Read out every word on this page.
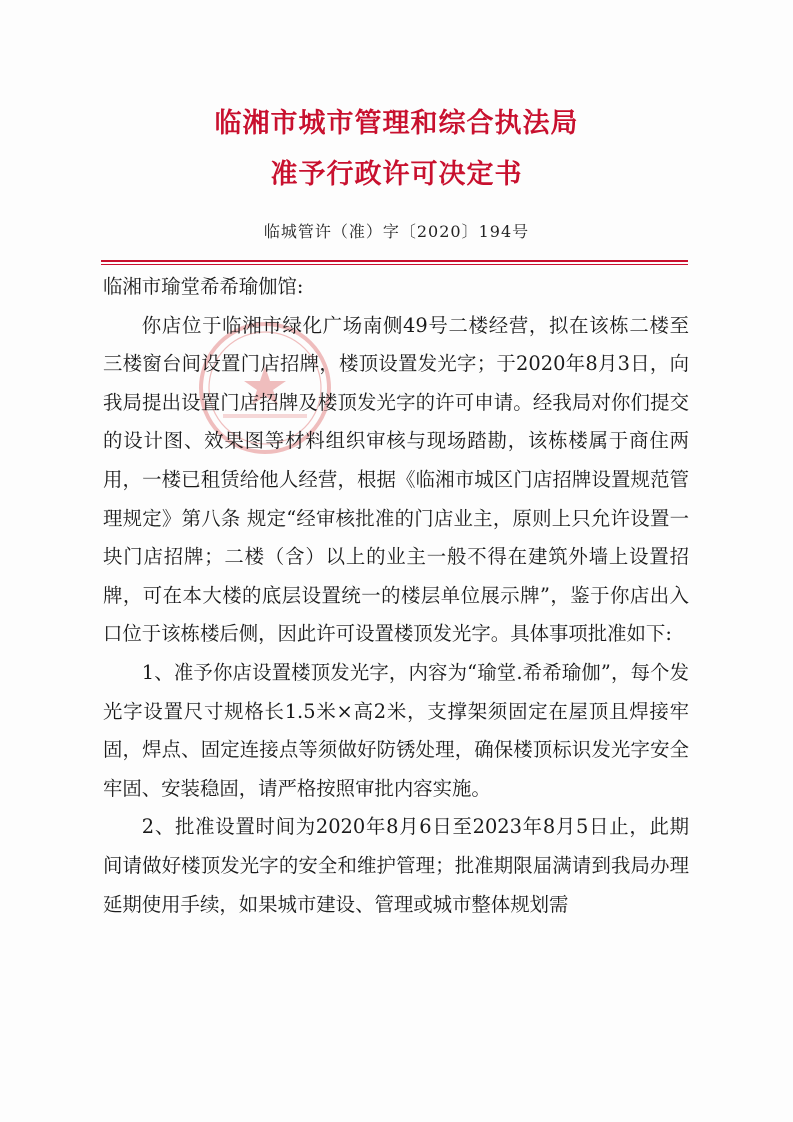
临湘市城市管理和综合执法局
准予行政许可决定书
临城管许（准）字〔2020〕194号

临湘市瑜堂希希瑜伽馆:

你店位于临湘市绿化广场南侧49号二楼经营，拟在该栋二楼至三楼窗台间设置门店招牌，楼顶设置发光字；于2020年8月3日，向我局提出设置门店招牌及楼顶发光字的许可申请。经我局对你们提交的设计图、效果图等材料组织审核与现场踏勘，该栋楼属于商住两用，一楼已租赁给他人经营，根据《临湘市城区门店招牌设置规范管理规定》第八条 规定“经审核批准的门店业主，原则上只允许设置一块门店招牌；二楼（含）以上的业主一般不得在建筑外墙上设置招牌，可在本大楼的底层设置统一的楼层单位展示牌”，鉴于你店出入口位于该栋楼后侧，因此许可设置楼顶发光字。具体事项批准如下:

1、准予你店设置楼顶发光字，内容为“瑜堂.希希瑜伽”，每个发光字设置尺寸规格长1.5米×高2米，支撑架须固定在屋顶且焊接牢固，焊点、固定连接点等须做好防锈处理，确保楼顶标识发光字安全牢固、安装稳固，请严格按照审批内容实施。

2、批准设置时间为2020年8月6日至2023年8月5日止，此期间请做好楼顶发光字的安全和维护管理；批准期限届满请到我局办理延期使用手续，如果城市建设、管理或城市整体规划需
